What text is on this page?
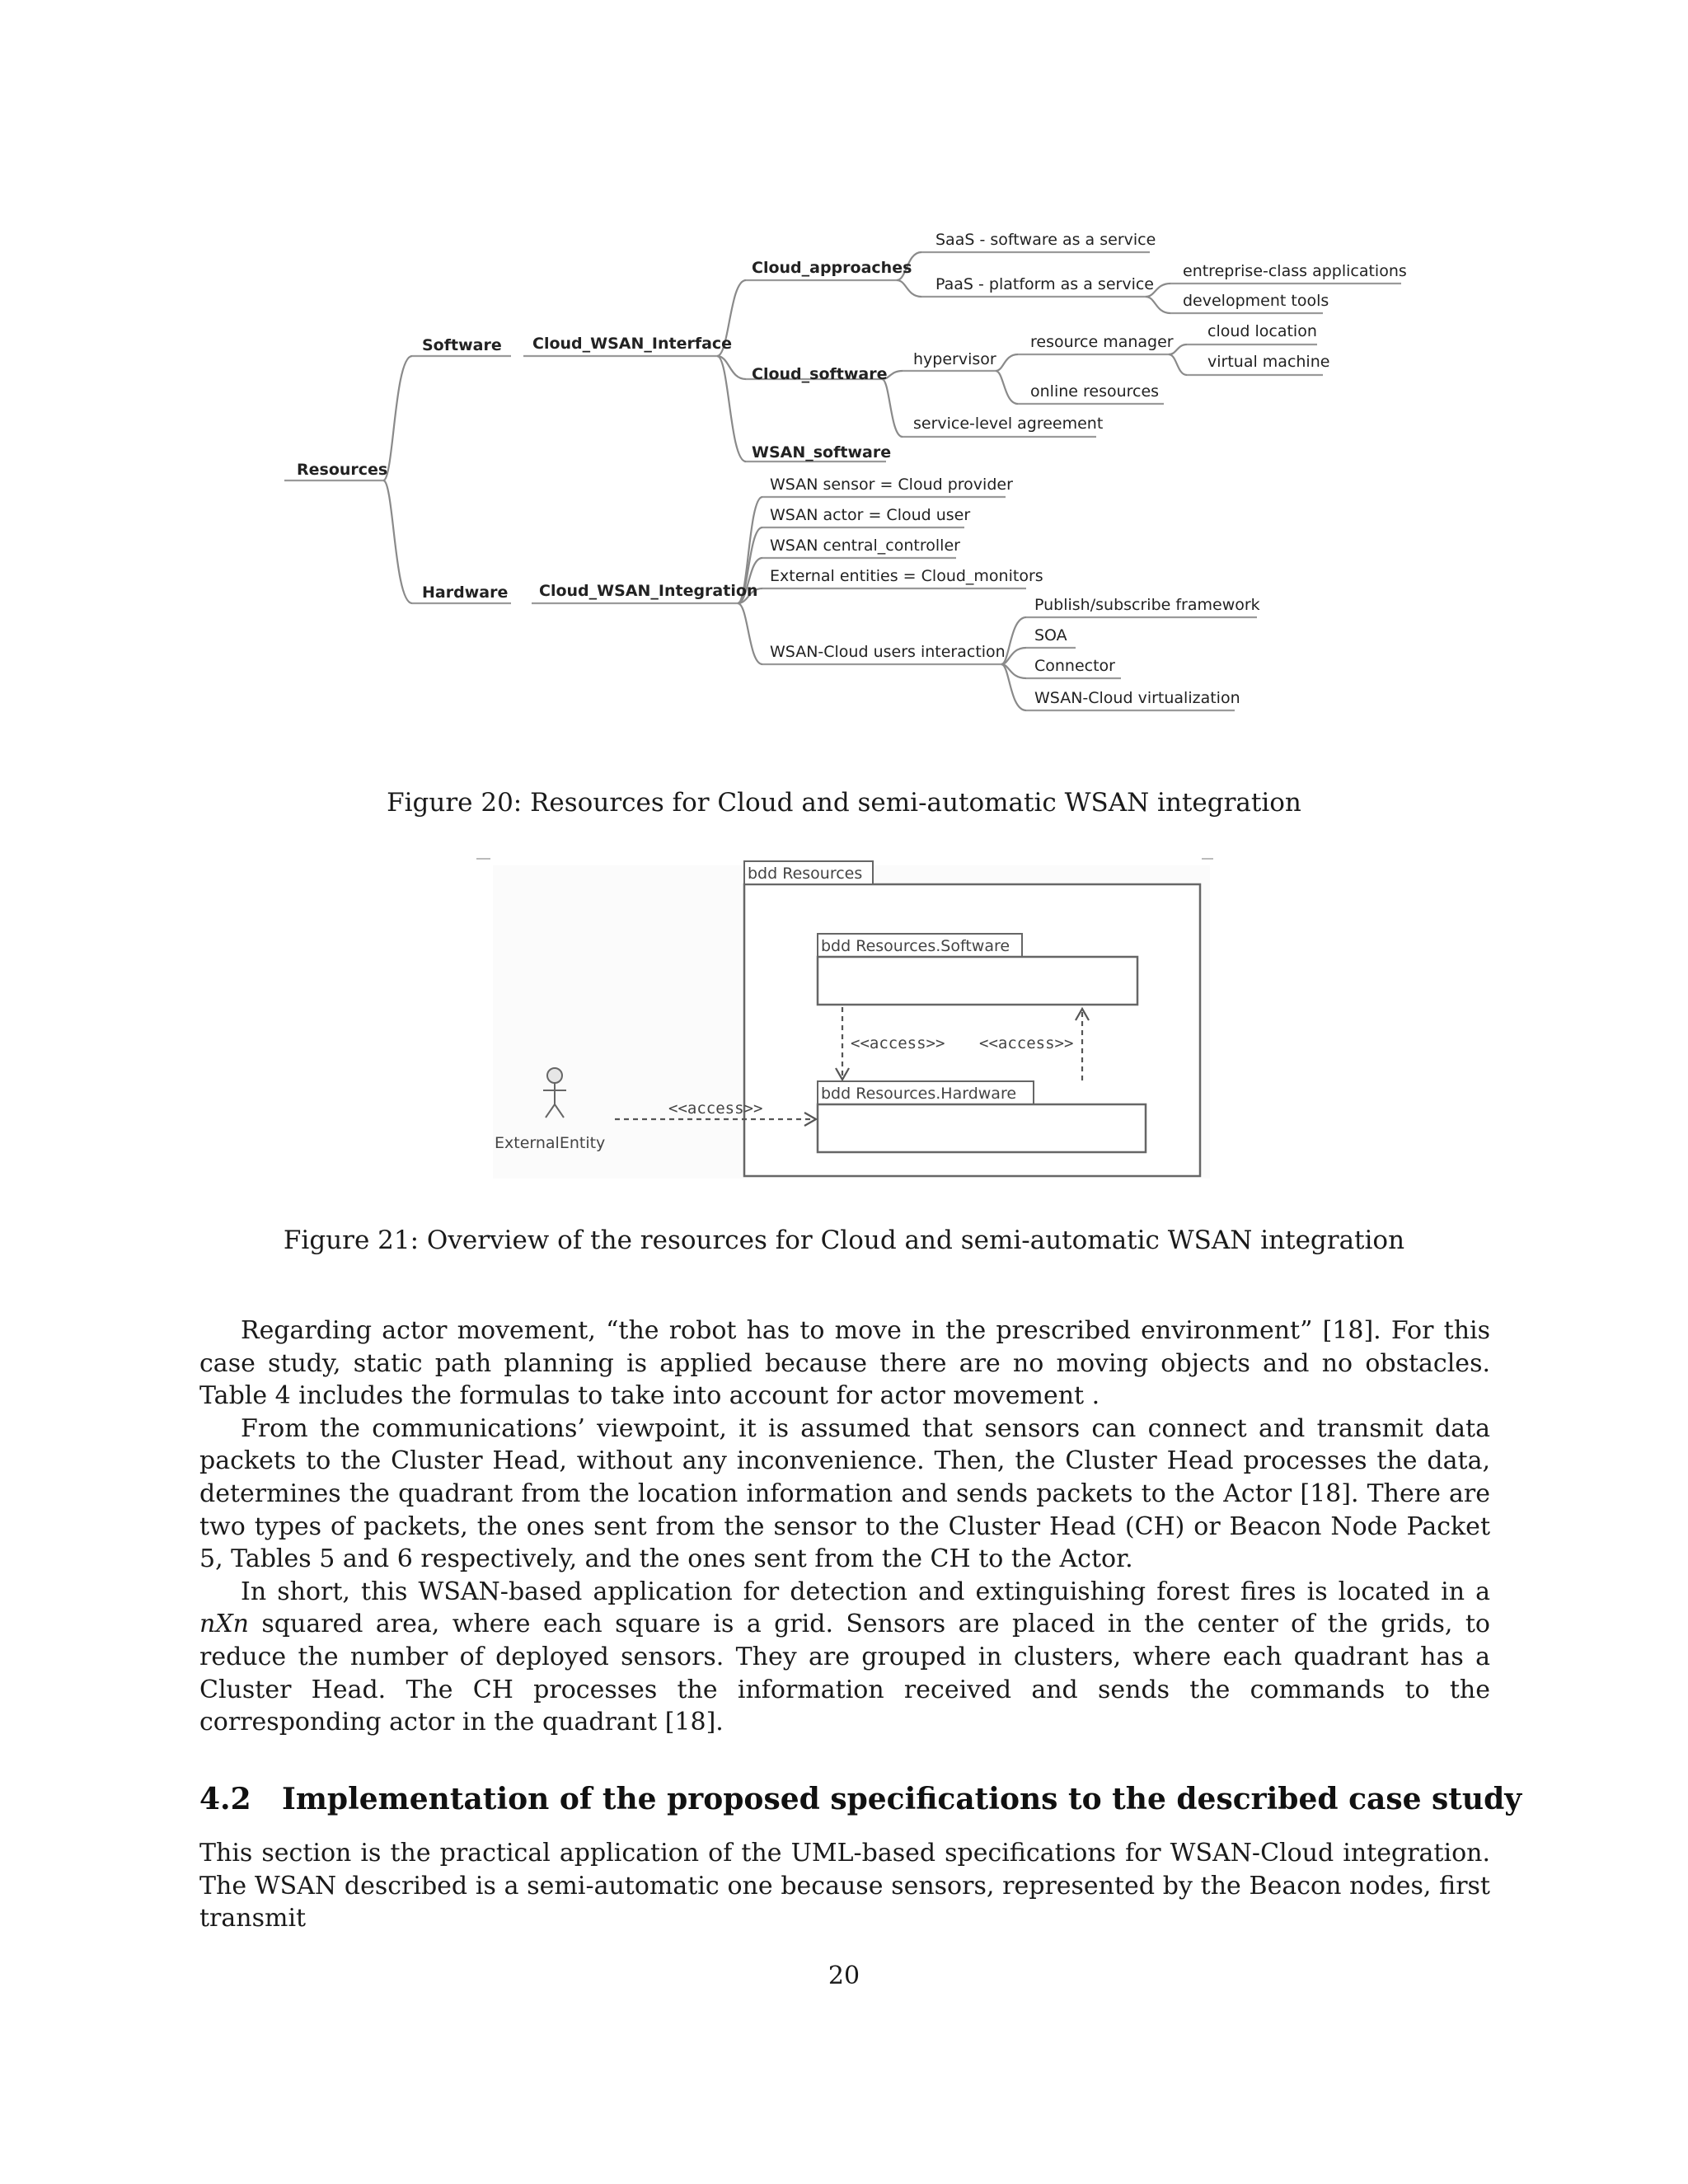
Resources
Software
Hardware
Cloud_WSAN_Interface
Cloud_WSAN_Integration
Cloud_approaches
SaaS - software as a service
PaaS - platform as a service
entreprise-class applications
development tools
Cloud_software
hypervisor
resource manager
cloud location
virtual machine
online resources
service-level agreement
WSAN_software
WSAN sensor = Cloud provider
WSAN actor = Cloud user
WSAN central_controller
External entities = Cloud_monitors
WSAN-Cloud users interaction
Publish/subscribe framework
SOA
Connector
WSAN-Cloud virtualization
Figure 20: Resources for Cloud and semi-automatic WSAN integration
bdd Resources
bdd Resources.Software
bdd Resources.Hardware
<<access>> <<access>>
ExternalEntity
<<access>>
Figure 21: Overview of the resources for Cloud and semi-automatic WSAN integration

Regarding actor movement, “the robot has to move in the prescribed environment” [18]. For this case study, static path planning is applied because there are no moving objects and no obstacles. Table 4 includes the formulas to take into account for actor movement .

From the communications’ viewpoint, it is assumed that sensors can connect and transmit data packets to the Cluster Head, without any inconvenience. Then, the Cluster Head processes the data, determines the quadrant from the location information and sends packets to the Actor [18]. There are two types of packets, the ones sent from the sensor to the Cluster Head (CH) or Beacon Node Packet 5, Tables 5 and 6 respectively, and the ones sent from the CH to the Actor.

In short, this WSAN-based application for detection and extinguishing forest fires is located in a nXn squared area, where each square is a grid. Sensors are placed in the center of the grids, to reduce the number of deployed sensors. They are grouped in clusters, where each quadrant has a Cluster Head. The CH processes the information received and sends the commands to the corresponding actor in the quadrant [18].

4.2 Implementation of the proposed specifications to the described case study

This section is the practical application of the UML-based specifications for WSAN-Cloud integration. The WSAN described is a semi-automatic one because sensors, represented by the Beacon nodes, first transmit

20
